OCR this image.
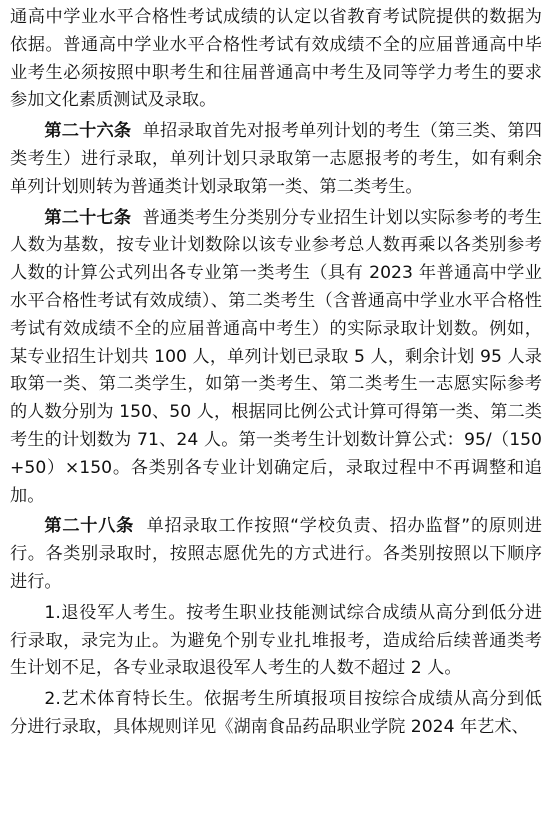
通高中学业水平合格性考试成绩的认定以省教育考试院提供的数据为依据。普通高中学业水平合格性考试有效成绩不全的应届普通高中毕业考生必须按照中职考生和往届普通高中考生及同等学力考生的要求参加文化素质测试及录取。

第二十六条 单招录取首先对报考单列计划的考生（第三类、第四类考生）进行录取，单列计划只录取第一志愿报考的考生，如有剩余单列计划则转为普通类计划录取第一类、第二类考生。

第二十七条 普通类考生分类别分专业招生计划以实际参考的考生人数为基数，按专业计划数除以该专业参考总人数再乘以各类别参考人数的计算公式列出各专业第一类考生（具有 2023 年普通高中学业水平合格性考试有效成绩）、第二类考生（含普通高中学业水平合格性考试有效成绩不全的应届普通高中考生）的实际录取计划数。例如，某专业招生计划共 100 人，单列计划已录取 5 人，剩余计划 95 人录取第一类、第二类学生，如第一类考生、第二类考生一志愿实际参考的人数分别为 150、50 人，根据同比例公式计算可得第一类、第二类考生的计划数为 71、24 人。第一类考生计划数计算公式：95/（150+50）×150。各类别各专业计划确定后，录取过程中不再调整和追加。

第二十八条 单招录取工作按照“学校负责、招办监督”的原则进行。各类别录取时，按照志愿优先的方式进行。各类别按照以下顺序进行。

1.退役军人考生。按考生职业技能测试综合成绩从高分到低分进行录取，录完为止。为避免个别专业扎堆报考，造成给后续普通类考生计划不足，各专业录取退役军人考生的人数不超过 2 人。

2.艺术体育特长生。依据考生所填报项目按综合成绩从高分到低分进行录取，具体规则详见《湖南食品药品职业学院 2024 年艺术、
